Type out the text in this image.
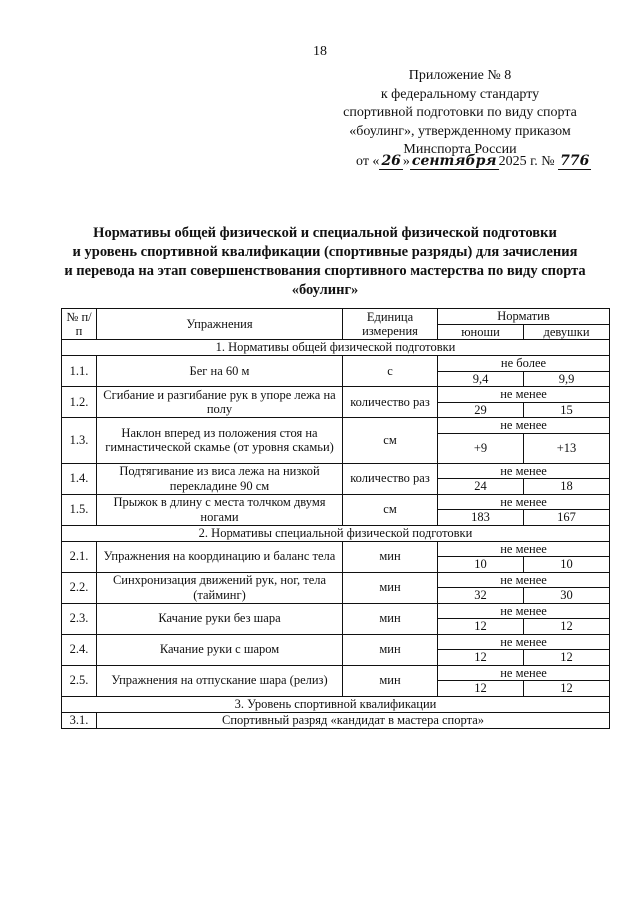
18
Приложение № 8
к федеральному стандарту
спортивной подготовки по виду спорта
«боулинг», утвержденному приказом
Минспорта России
от « 26 » сентября 2025 г. № 776
Нормативы общей физической и специальной физической подготовки
и уровень спортивной квалификации (спортивные разряды) для зачисления
и перевода на этап совершенствования спортивного мастерства по виду спорта
«боулинг»
№ п/п	Упражнения	Единица измерения	Норматив	
			юноши	девушки
1. Нормативы общей физической подготовки				
1.1.	Бег на 60 м	с	не более	
			9,4	9,9
1.2.	Сгибание и разгибание рук в упоре лежа на полу	количество раз	не менее	
			29	15
1.3.	Наклон вперед из положения стоя на гимнастической скамье (от уровня скамьи)	см	не менее	
			+9	+13
1.4.	Подтягивание из виса лежа на низкой перекладине 90 см	количество раз	не менее	
			24	18
1.5.	Прыжок в длину с места толчком двумя ногами	см	не менее	
			183	167
2. Нормативы специальной физической подготовки				
2.1.	Упражнения на координацию и баланс тела	мин	не менее	
			10	10
2.2.	Синхронизация движений рук, ног, тела (тайминг)	мин	не менее	
			32	30
2.3.	Качание руки без шара	мин	не менее	
			12	12
2.4.	Качание руки с шаром	мин	не менее	
			12	12
2.5.	Упражнения на отпускание шара (релиз)	мин	не менее	
			12	12
3. Уровень спортивной квалификации				
3.1.	Спортивный разряд «кандидат в мастера спорта»			
